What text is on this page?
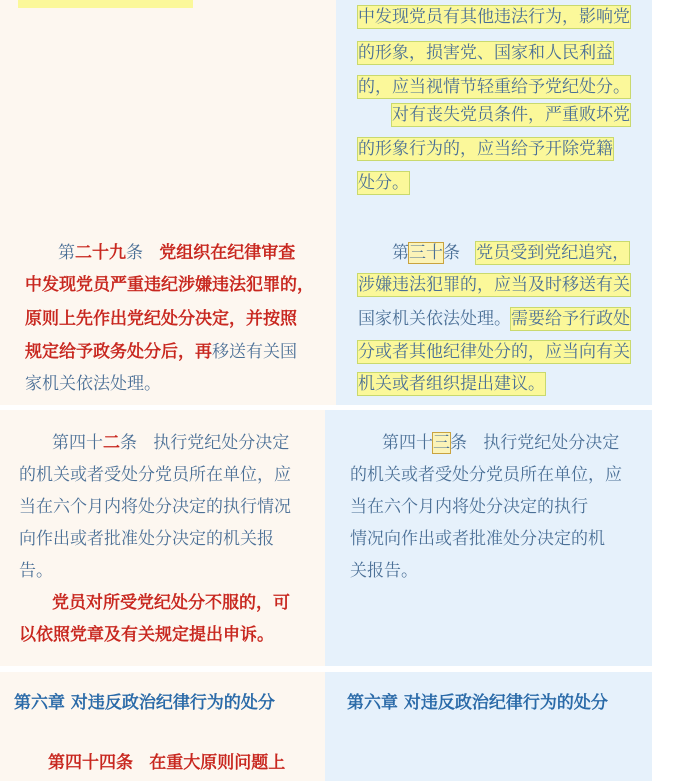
中发现党员有其他违法行为，影响党
的形象，损害党、国家和人民利益
的，应当视情节轻重给予党纪处分。
对有丧失党员条件，严重败坏党
的形象行为的，应当给予开除党籍
处分。
第二十九条 党组织在纪律审查
中发现党员严重违纪涉嫌违法犯罪的，
原则上先作出党纪处分决定，并按照
规定给予政务处分后，再移送有关国
家机关依法处理。
第三十条 党员受到党纪追究，
涉嫌违法犯罪的，应当及时移送有关
国家机关依法处理。需要给予行政处
分或者其他纪律处分的，应当向有关
机关或者组织提出建议。
第四十二条 执行党纪处分决定
的机关或者受处分党员所在单位，应
当在六个月内将处分决定的执行情况
向作出或者批准处分决定的机关报
告。
党员对所受党纪处分不服的，可
以依照党章及有关规定提出申诉。
第四十三条 执行党纪处分决定
的机关或者受处分党员所在单位，应
当在六个月内将处分决定的执行
情况向作出或者批准处分决定的机
关报告。
第六章 对违反政治纪律行为的处分	第六章 对违反政治纪律行为的处分
第四十四条 在重大原则问题上
